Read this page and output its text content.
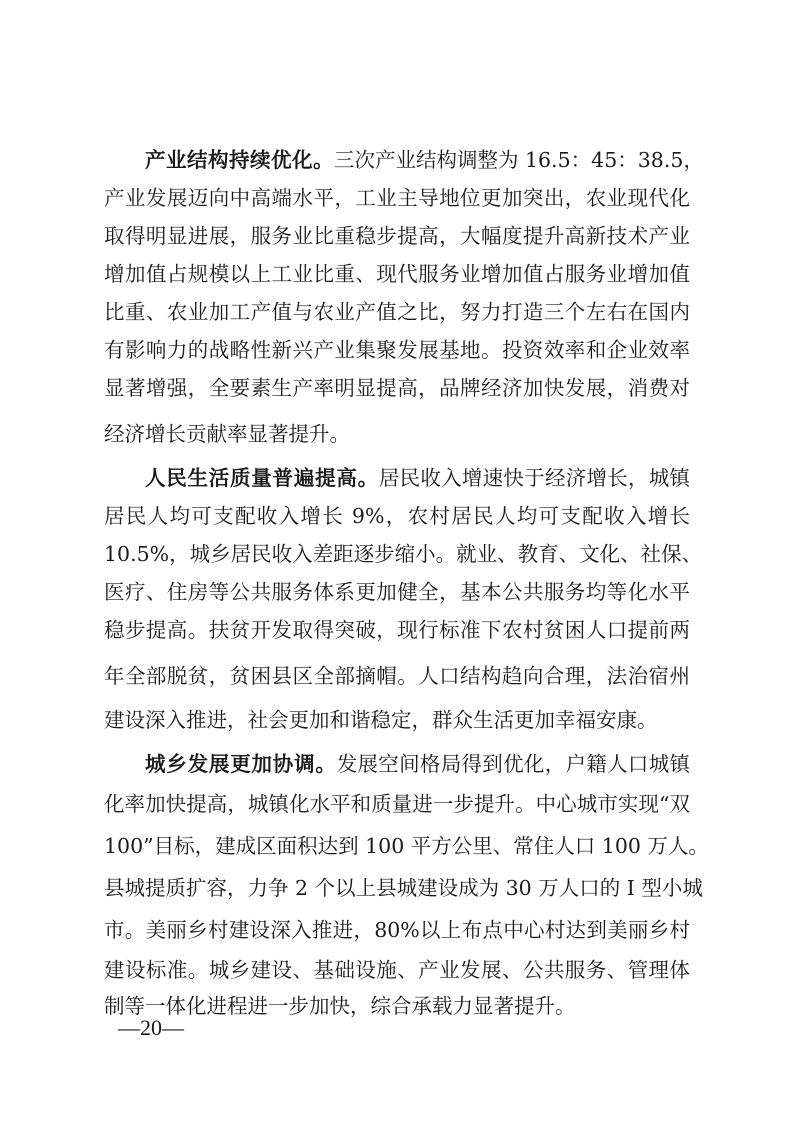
产业结构持续优化。三次产业结构调整为 16.5：45：38.5，
产业发展迈向中高端水平，工业主导地位更加突出，农业现代化
取得明显进展，服务业比重稳步提高，大幅度提升高新技术产业
增加值占规模以上工业比重、现代服务业增加值占服务业增加值
比重、农业加工产值与农业产值之比，努力打造三个左右在国内
有影响力的战略性新兴产业集聚发展基地。投资效率和企业效率
显著增强，全要素生产率明显提高，品牌经济加快发展，消费对
经济增长贡献率显著提升。
人民生活质量普遍提高。居民收入增速快于经济增长，城镇
居民人均可支配收入增长 9%，农村居民人均可支配收入增长
10.5%，城乡居民收入差距逐步缩小。就业、教育、文化、社保、
医疗、住房等公共服务体系更加健全，基本公共服务均等化水平
稳步提高。扶贫开发取得突破，现行标准下农村贫困人口提前两
年全部脱贫，贫困县区全部摘帽。人口结构趋向合理，法治宿州
建设深入推进，社会更加和谐稳定，群众生活更加幸福安康。
城乡发展更加协调。发展空间格局得到优化，户籍人口城镇
化率加快提高，城镇化水平和质量进一步提升。中心城市实现“双
100”目标，建成区面积达到 100 平方公里、常住人口 100 万人。
县城提质扩容，力争 2 个以上县城建设成为 30 万人口的 I 型小城
市。美丽乡村建设深入推进，80%以上布点中心村达到美丽乡村
建设标准。城乡建设、基础设施、产业发展、公共服务、管理体
制等一体化进程进一步加快，综合承载力显著提升。
—20—
